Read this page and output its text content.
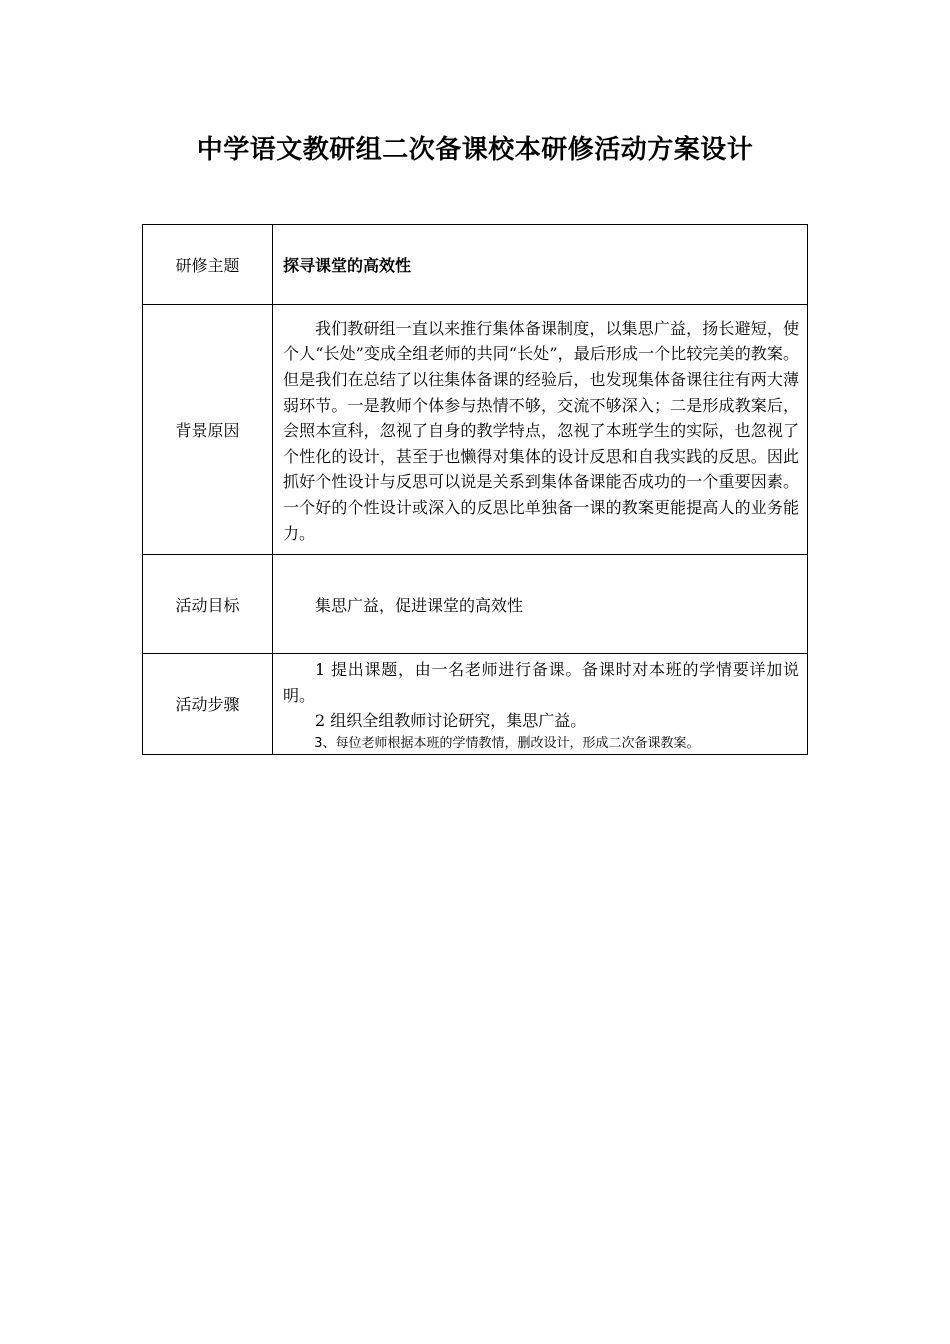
中学语文教研组二次备课校本研修活动方案设计
研修主题	探寻课堂的高效性
背景原因	我们教研组一直以来推行集体备课制度，以集思广益，扬长避短，使个人“长处”变成全组老师的共同“长处”，最后形成一个比较完美的教案。但是我们在总结了以往集体备课的经验后，也发现集体备课往往有两大薄弱环节。一是教师个体参与热情不够，交流不够深入；二是形成教案后，会照本宣科，忽视了自身的教学特点，忽视了本班学生的实际，也忽视了个性化的设计，甚至于也懒得对集体的设计反思和自我实践的反思。因此抓好个性设计与反思可以说是关系到集体备课能否成功的一个重要因素。一个好的个性设计或深入的反思比单独备一课的教案更能提高人的业务能力。

活动目标	集思广益，促进课堂的高效性

活动步骤	1 提出课题，由一名老师进行备课。备课时对本班的学情要详加说明。

2 组织全组教师讨论研究，集思广益。

3、每位老师根据本班的学情教情，删改设计，形成二次备课教案。
